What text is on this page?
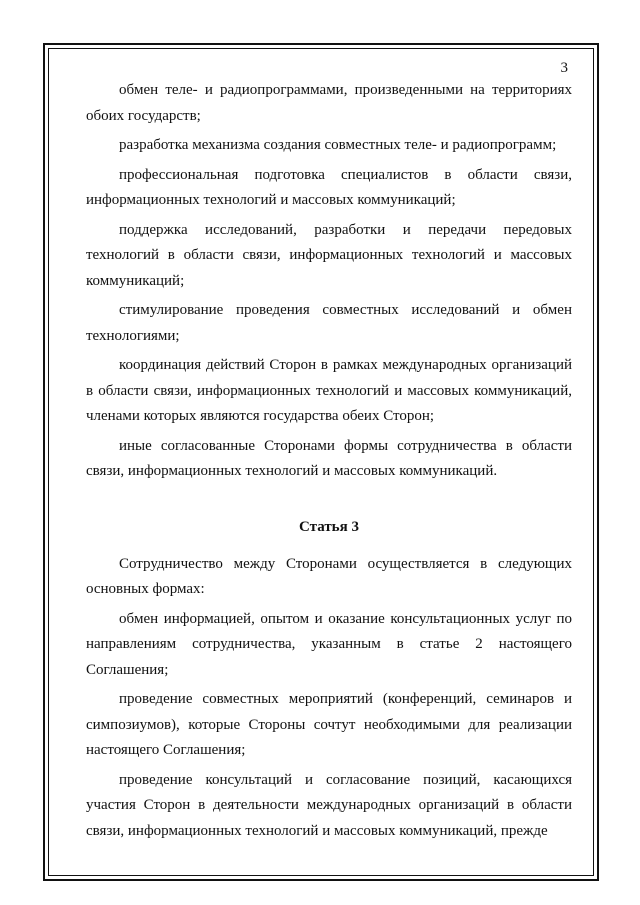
3

обмен теле- и радиопрограммами, произведенными на территориях обоих государств;

разработка механизма создания совместных теле- и радиопрограмм;

профессиональная подготовка специалистов в области связи, информационных технологий и массовых коммуникаций;

поддержка исследований, разработки и передачи передовых технологий в области связи, информационных технологий и массовых коммуникаций;

стимулирование проведения совместных исследований и обмен технологиями;

координация действий Сторон в рамках международных организаций в области связи, информационных технологий и массовых коммуникаций, членами которых являются государства обеих Сторон;

иные согласованные Сторонами формы сотрудничества в области связи, информационных технологий и массовых коммуникаций.

Статья 3

Сотрудничество между Сторонами осуществляется в следующих основных формах:

обмен информацией, опытом и оказание консультационных услуг по направлениям сотрудничества, указанным в статье 2 настоящего Соглашения;

проведение совместных мероприятий (конференций, семинаров и симпозиумов), которые Стороны сочтут необходимыми для реализации настоящего Соглашения;

проведение консультаций и согласование позиций, касающихся участия Сторон в деятельности международных организаций в области связи, информационных технологий и массовых коммуникаций, прежде
